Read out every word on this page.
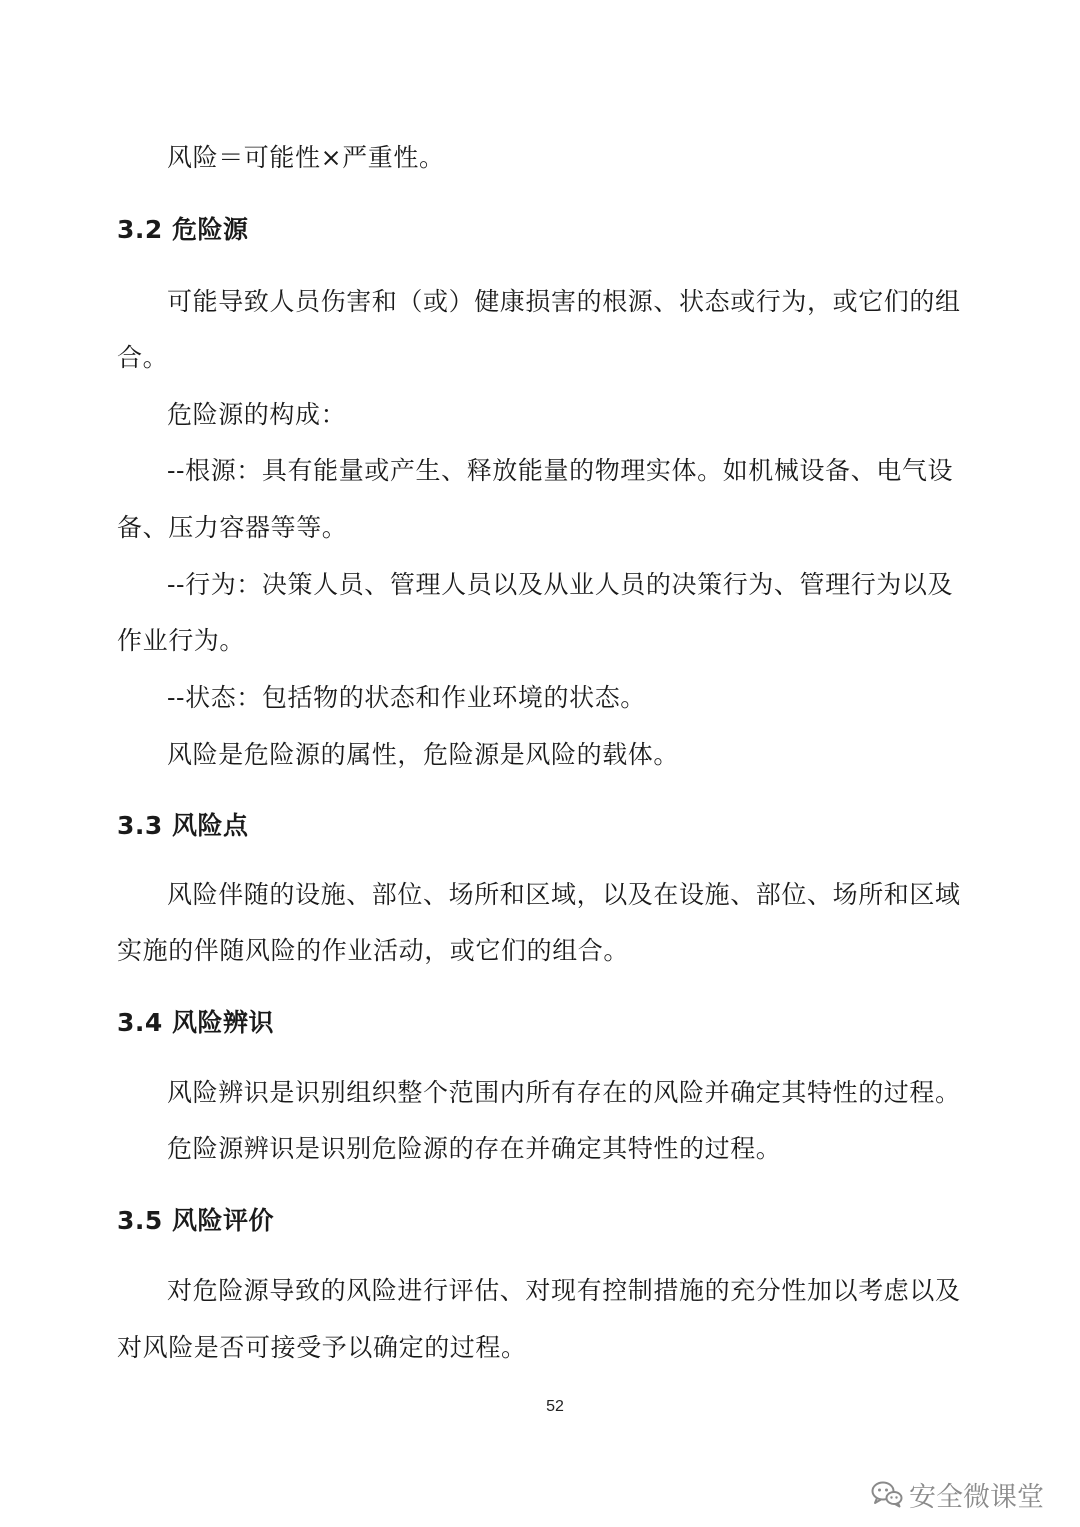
风险＝可能性×严重性。
3.2 危险源
可能导致人员伤害和（或）健康损害的根源、状态或行为，或它们的组
合。
危险源的构成：
--根源：具有能量或产生、释放能量的物理实体。如机械设备、电气设
备、压力容器等等。
--行为：决策人员、管理人员以及从业人员的决策行为、管理行为以及
作业行为。
--状态：包括物的状态和作业环境的状态。
风险是危险源的属性，危险源是风险的载体。
3.3 风险点
风险伴随的设施、部位、场所和区域，以及在设施、部位、场所和区域
实施的伴随风险的作业活动，或它们的组合。
3.4 风险辨识
风险辨识是识别组织整个范围内所有存在的风险并确定其特性的过程。
危险源辨识是识别危险源的存在并确定其特性的过程。
3.5 风险评价
对危险源导致的风险进行评估、对现有控制措施的充分性加以考虑以及
对风险是否可接受予以确定的过程。
52
安全微课堂
